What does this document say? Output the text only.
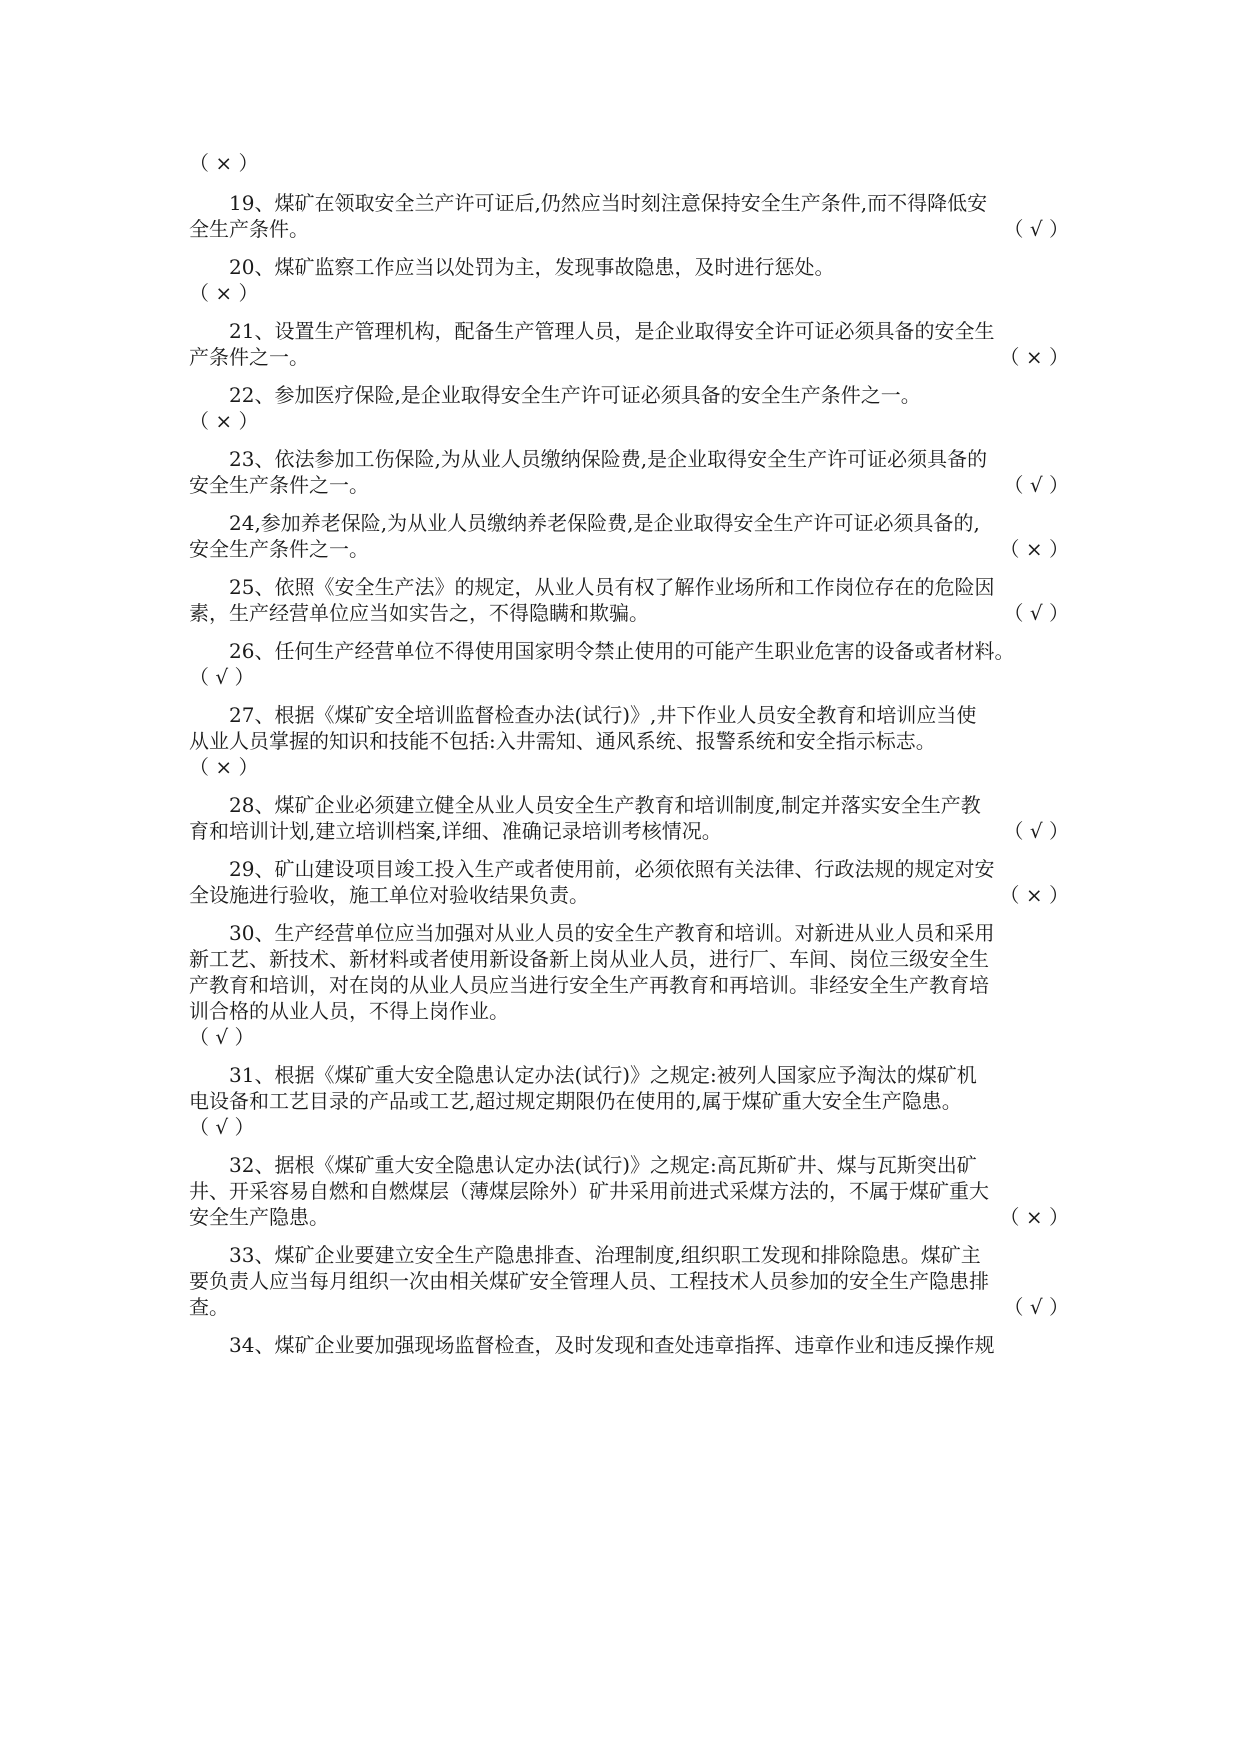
（ × ）
19、煤矿在领取安全兰产许可证后,仍然应当时刻注意保持安全生产条件,而不得降低安
全生产条件。	（ √ ）
20、煤矿监察工作应当以处罚为主，发现事故隐患，及时进行惩处。
（ × ）
21、设置生产管理机构，配备生产管理人员，是企业取得安全许可证必须具备的安全生
产条件之一。	（ × ）
22、参加医疗保险,是企业取得安全生产许可证必须具备的安全生产条件之一。
（ × ）
23、依法参加工伤保险,为从业人员缴纳保险费,是企业取得安全生产许可证必须具备的
安全生产条件之一。	（ √ ）
24,参加养老保险,为从业人员缴纳养老保险费,是企业取得安全生产许可证必须具备的,
安全生产条件之一。	（ × ）
25、依照《安全生产法》的规定，从业人员有权了解作业场所和工作岗位存在的危险因
素，生产经营单位应当如实告之，不得隐瞒和欺骗。	（ √ ）
26、任何生产经营单位不得使用国家明令禁止使用的可能产生职业危害的设备或者材料。
（ √ ）
27、根据《煤矿安全培训监督检查办法(试行)》,井下作业人员安全教育和培训应当使
从业人员掌握的知识和技能不包括:入井需知、通风系统、报警系统和安全指示标志。
（ × ）
28、煤矿企业必须建立健全从业人员安全生产教育和培训制度,制定并落实安全生产教
育和培训计划,建立培训档案,详细、准确记录培训考核情况。	（ √ ）
29、矿山建设项目竣工投入生产或者使用前，必须依照有关法律、行政法规的规定对安
全设施进行验收，施工单位对验收结果负责。	（ × ）
30、生产经营单位应当加强对从业人员的安全生产教育和培训。对新进从业人员和采用
新工艺、新技术、新材料或者使用新设备新上岗从业人员，进行厂、车间、岗位三级安全生
产教育和培训，对在岗的从业人员应当进行安全生产再教育和再培训。非经安全生产教育培
训合格的从业人员，不得上岗作业。
（ √ ）
31、根据《煤矿重大安全隐患认定办法(试行)》之规定:被列人国家应予淘汰的煤矿机
电设备和工艺目录的产品或工艺,超过规定期限仍在使用的,属于煤矿重大安全生产隐患。
（ √ ）
32、据根《煤矿重大安全隐患认定办法(试行)》之规定:高瓦斯矿井、煤与瓦斯突出矿
井、开采容易自燃和自燃煤层（薄煤层除外）矿井采用前进式采煤方法的，不属于煤矿重大
安全生产隐患。	（ × ）
33、煤矿企业要建立安全生产隐患排查、治理制度,组织职工发现和排除隐患。煤矿主
要负责人应当每月组织一次由相关煤矿安全管理人员、工程技术人员参加的安全生产隐患排
查。	（ √ ）
34、煤矿企业要加强现场监督检查，及时发现和查处违章指挥、违章作业和违反操作规
